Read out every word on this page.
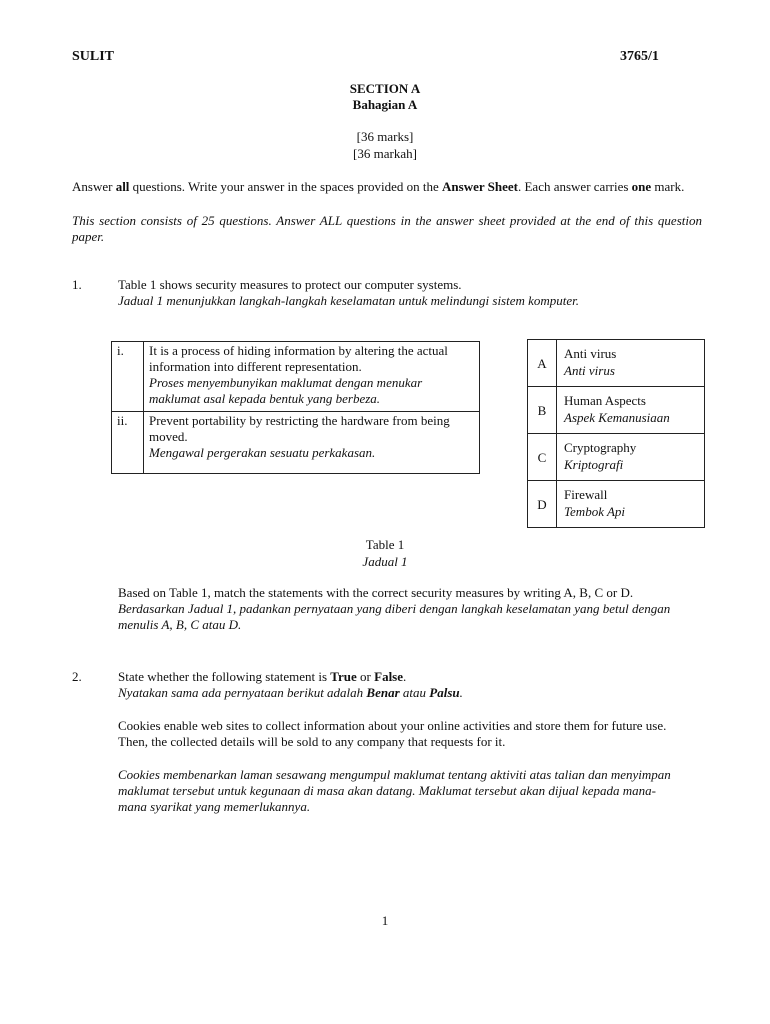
SULIT	3765/1
SECTION A
Bahagian A
[36 marks]
[36 markah]
Answer all questions. Write your answer in the spaces provided on the Answer Sheet. Each answer carries one mark.
This section consists of 25 questions. Answer ALL questions in the answer sheet provided at the end of this question paper.
1.	Table 1 shows security measures to protect our computer systems.
Jadual 1 menunjukkan langkah-langkah keselamatan untuk melindungi sistem komputer.
i.	It is a process of hiding information by altering the actual information into different representation.
Proses menyembunyikan maklumat dengan menukar maklumat asal kepada bentuk yang berbeza.

ii.	Prevent portability by restricting the hardware from being moved.
Mengawal pergerakan sesuatu perkakasan.
A	Anti virus
Anti virus

B	Human Aspects
Aspek Kemanusiaan

C	Cryptography
Kriptografi

D	Firewall
Tembok Api
Table 1
Jadual 1
Based on Table 1, match the statements with the correct security measures by writing A, B, C or D.
Berdasarkan Jadual 1, padankan pernyataan yang diberi dengan langkah keselamatan yang betul dengan menulis A, B, C atau D.
2.	State whether the following statement is True or False.
Nyatakan sama ada pernyataan berikut adalah Benar atau Palsu.
Cookies enable web sites to collect information about your online activities and store them for future use. Then, the collected details will be sold to any company that requests for it.
Cookies membenarkan laman sesawang mengumpul maklumat tentang aktiviti atas talian dan menyimpan maklumat tersebut untuk kegunaan di masa akan datang. Maklumat tersebut akan dijual kepada mana-mana syarikat yang memerlukannya.
1
